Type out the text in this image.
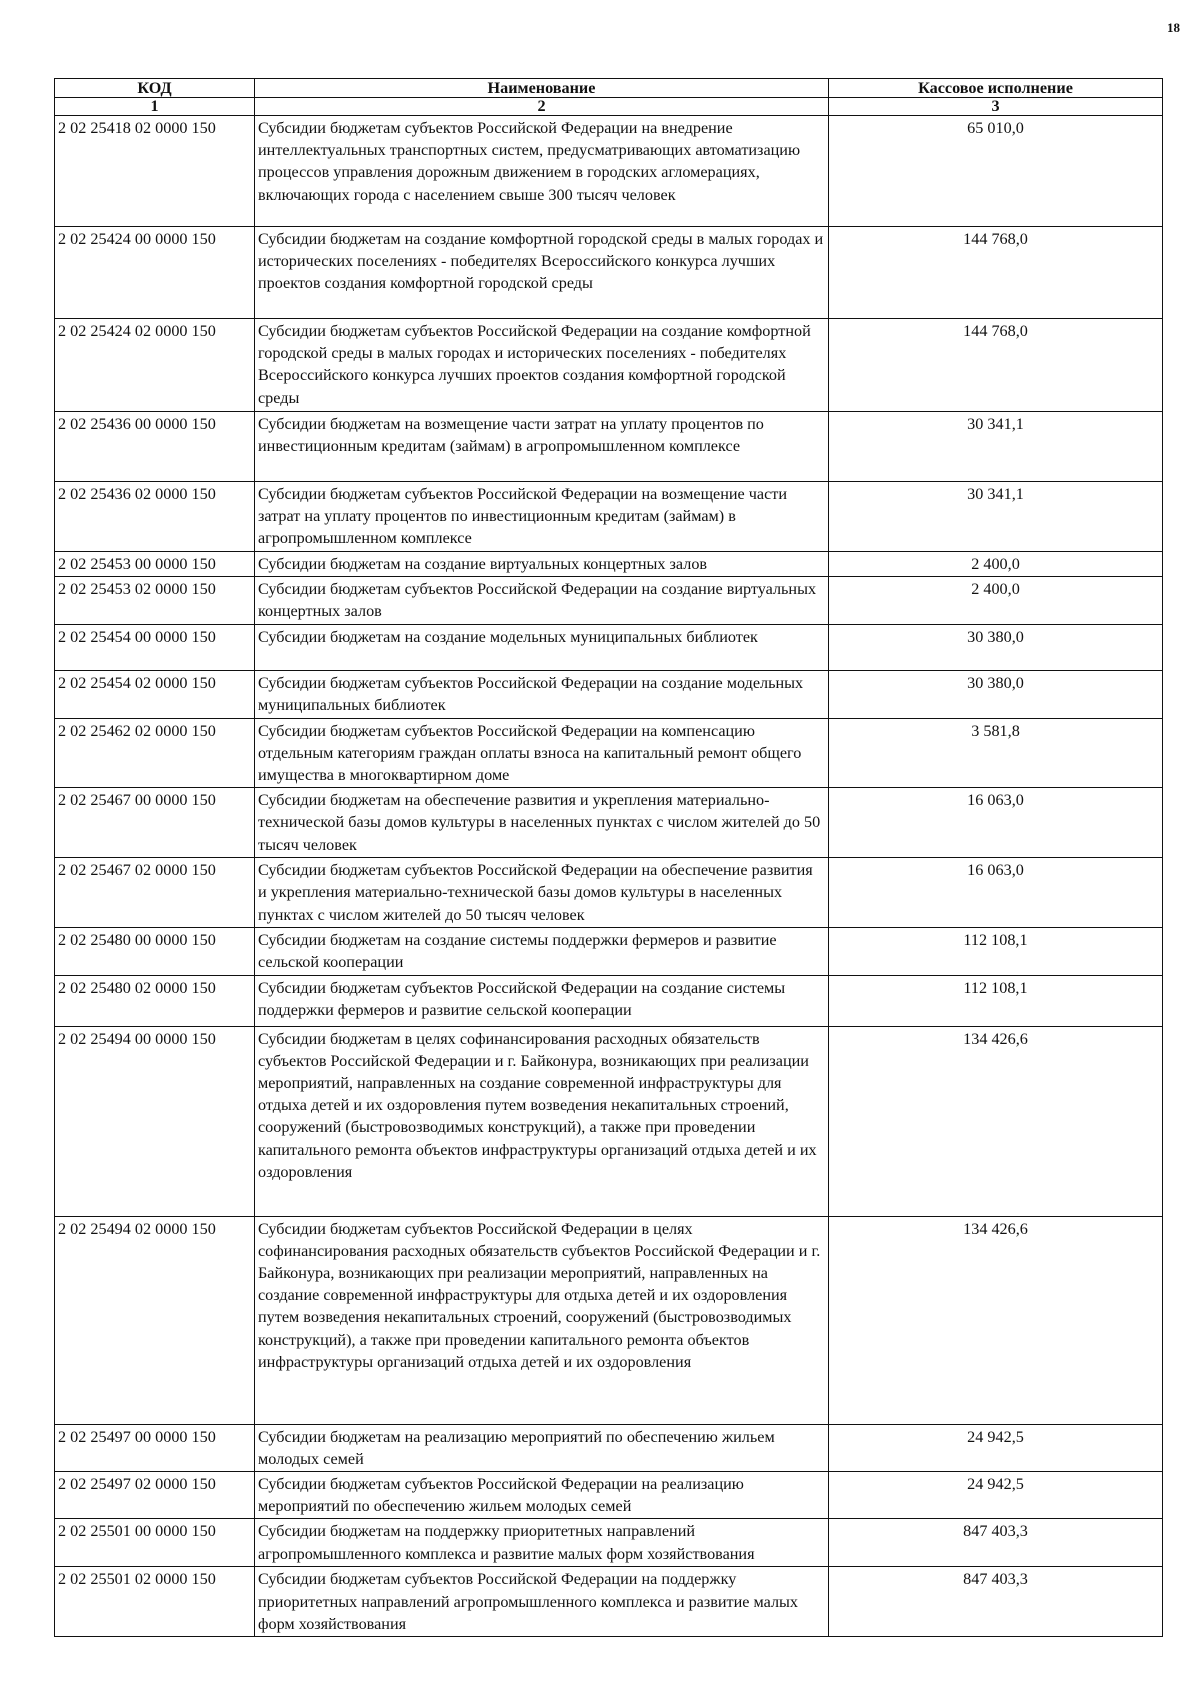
18
КОД	Наименование	Кассовое исполнение
1	2	3
2 02 25418 02 0000 150	Субсидии бюджетам субъектов Российской Федерации на внедрение интеллектуальных транспортных систем, предусматривающих автоматизацию процессов управления дорожным движением в городских агломерациях, включающих города с населением свыше 300 тысяч человек	65 010,0
2 02 25424 00 0000 150	Субсидии бюджетам на создание комфортной городской среды в малых городах и исторических поселениях - победителях Всероссийского конкурса лучших проектов создания комфортной городской среды	144 768,0
2 02 25424 02 0000 150	Субсидии бюджетам субъектов Российской Федерации на создание комфортной городской среды в малых городах и исторических поселениях - победителях Всероссийского конкурса лучших проектов создания комфортной городской среды	144 768,0
2 02 25436 00 0000 150	Субсидии бюджетам на возмещение части затрат на уплату процентов по инвестиционным кредитам (займам) в агропромышленном комплексе	30 341,1
2 02 25436 02 0000 150	Субсидии бюджетам субъектов Российской Федерации на возмещение части затрат на уплату процентов по инвестиционным кредитам (займам) в агропромышленном комплексе	30 341,1
2 02 25453 00 0000 150	Субсидии бюджетам на создание виртуальных концертных залов	2 400,0
2 02 25453 02 0000 150	Субсидии бюджетам субъектов Российской Федерации на создание виртуальных концертных залов	2 400,0
2 02 25454 00 0000 150	Субсидии бюджетам на создание модельных муниципальных библиотек	30 380,0
2 02 25454 02 0000 150	Субсидии бюджетам субъектов Российской Федерации на создание модельных муниципальных библиотек	30 380,0
2 02 25462 02 0000 150	Субсидии бюджетам субъектов Российской Федерации на компенсацию отдельным категориям граждан оплаты взноса на капитальный ремонт общего имущества в многоквартирном доме	3 581,8
2 02 25467 00 0000 150	Субсидии бюджетам на обеспечение развития и укрепления материально-технической базы домов культуры в населенных пунктах с числом жителей до 50 тысяч человек	16 063,0
2 02 25467 02 0000 150	Субсидии бюджетам субъектов Российской Федерации на обеспечение развития и укрепления материально-технической базы домов культуры в населенных пунктах с числом жителей до 50 тысяч человек	16 063,0
2 02 25480 00 0000 150	Субсидии бюджетам на создание системы поддержки фермеров и развитие сельской кооперации	112 108,1
2 02 25480 02 0000 150	Субсидии бюджетам субъектов Российской Федерации на создание системы поддержки фермеров и развитие сельской кооперации	112 108,1
2 02 25494 00 0000 150	Субсидии бюджетам в целях софинансирования расходных обязательств субъектов Российской Федерации и г. Байконура, возникающих при реализации мероприятий, направленных на создание современной инфраструктуры для отдыха детей и их оздоровления путем возведения некапитальных строений, сооружений (быстровозводимых конструкций), а также при проведении капитального ремонта объектов инфраструктуры организаций отдыха детей и их оздоровления	134 426,6
2 02 25494 02 0000 150	Субсидии бюджетам субъектов Российской Федерации в целях софинансирования расходных обязательств субъектов Российской Федерации и г. Байконура, возникающих при реализации мероприятий, направленных на создание современной инфраструктуры для отдыха детей и их оздоровления путем возведения некапитальных строений, сооружений (быстровозводимых конструкций), а также при проведении капитального ремонта объектов инфраструктуры организаций отдыха детей и их оздоровления	134 426,6
2 02 25497 00 0000 150	Субсидии бюджетам на реализацию мероприятий по обеспечению жильем молодых семей	24 942,5
2 02 25497 02 0000 150	Субсидии бюджетам субъектов Российской Федерации на реализацию мероприятий по обеспечению жильем молодых семей	24 942,5
2 02 25501 00 0000 150	Субсидии бюджетам на поддержку приоритетных направлений агропромышленного комплекса и развитие малых форм хозяйствования	847 403,3
2 02 25501 02 0000 150	Субсидии бюджетам субъектов Российской Федерации на поддержку приоритетных направлений агропромышленного комплекса и развитие малых форм хозяйствования	847 403,3
